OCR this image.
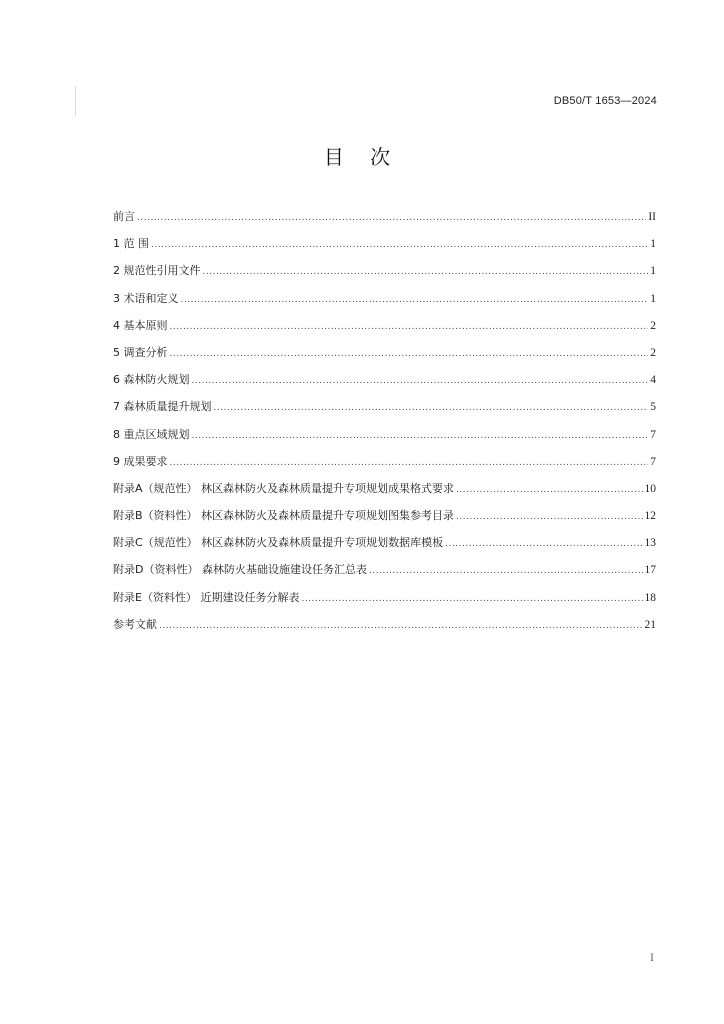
DB50/T 1653—2024
目 次
前言 .....	II
1 范 围 .....	1
2 规范性引用文件 .....	1
3 术语和定义 .....	1
4 基本原则 .....	2
5 调查分析 .....	2
6 森林防火规划 .....	4
7 森林质量提升规划 .....	5
8 重点区域规划 .....	7
9 成果要求 .....	7
附录A（规范性） 林区森林防火及森林质量提升专项规划成果格式要求 .....	10
附录B（资料性） 林区森林防火及森林质量提升专项规划图集参考目录 .....	12
附录C（规范性） 林区森林防火及森林质量提升专项规划数据库模板 .....	13
附录D（资料性） 森林防火基础设施建设任务汇总表 .....	17
附录E（资料性） 近期建设任务分解表 .....	18
参考文献 .....	21
I
